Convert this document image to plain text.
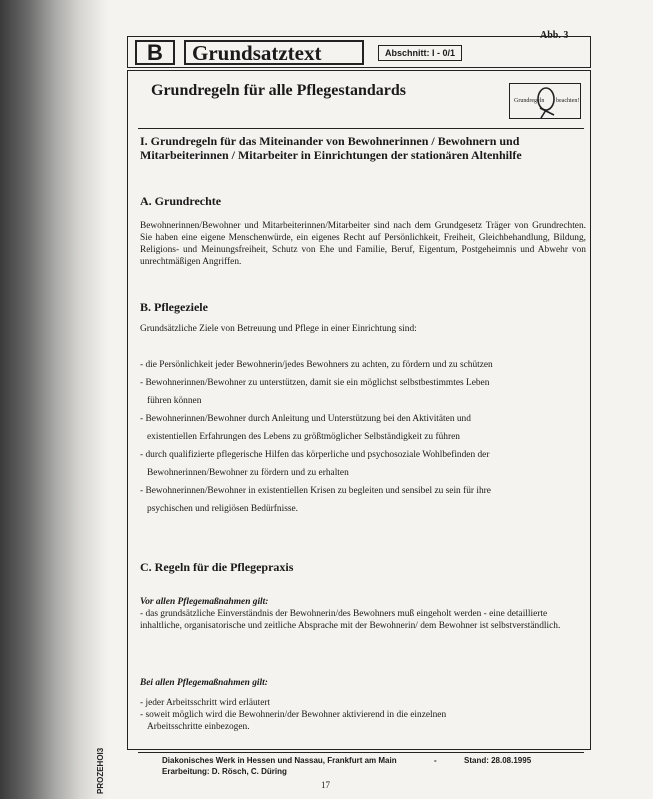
PROZEHOI3
Abb. 3
B	Grundsatztext	Abschnitt: I - 0/1
Grundregeln für alle Pflegestandards
Grundregeln beachten!
I. Grundregeln für das Miteinander von Bewohnerinnen / Bewohnern und Mitarbeiterinnen / Mitarbeiter in Einrichtungen der stationären Altenhilfe
A. Grundrechte
Bewohnerinnen/Bewohner und Mitarbeiterinnen/Mitarbeiter sind nach dem Grundgesetz Träger von Grundrechten. Sie haben eine eigene Menschenwürde, ein eigenes Recht auf Persönlichkeit, Freiheit, Gleichbehandlung, Bildung, Religions- und Meinungsfreiheit, Schutz von Ehe und Familie, Beruf, Eigentum, Postgeheimnis und Abwehr von unrechtmäßigen Angriffen.
B. Pflegeziele
Grundsätzliche Ziele von Betreuung und Pflege in einer Einrichtung sind:
- die Persönlichkeit jeder Bewohnerin/jedes Bewohners zu achten, zu fördern und zu schützen
- Bewohnerinnen/Bewohner zu unterstützen, damit sie ein möglichst selbstbestimmtes Leben
führen können
- Bewohnerinnen/Bewohner durch Anleitung und Unterstützung bei den Aktivitäten und
existentiellen Erfahrungen des Lebens zu größtmöglicher Selbständigkeit zu führen
- durch qualifizierte pflegerische Hilfen das körperliche und psychosoziale Wohlbefinden der
Bewohnerinnen/Bewohner zu fördern und zu erhalten
- Bewohnerinnen/Bewohner in existentiellen Krisen zu begleiten und sensibel zu sein für ihre
psychischen und religiösen Bedürfnisse.
C. Regeln für die Pflegepraxis
Vor allen Pflegemaßnahmen gilt:
- das grundsätzliche Einverständnis der Bewohnerin/des Bewohners muß eingeholt werden - eine detaillierte inhaltliche, organisatorische und zeitliche Absprache mit der Bewohnerin/ dem Bewohner ist selbstverständlich.
Bei allen Pflegemaßnahmen gilt:
- jeder Arbeitsschritt wird erläutert
- soweit möglich wird die Bewohnerin/der Bewohner aktivierend in die einzelnen
Arbeitsschritte einbezogen.
Diakonisches Werk in Hessen und Nassau, Frankfurt am Main	-	Stand: 28.08.1995
Erarbeitung: D. Rösch, C. Düring
17
